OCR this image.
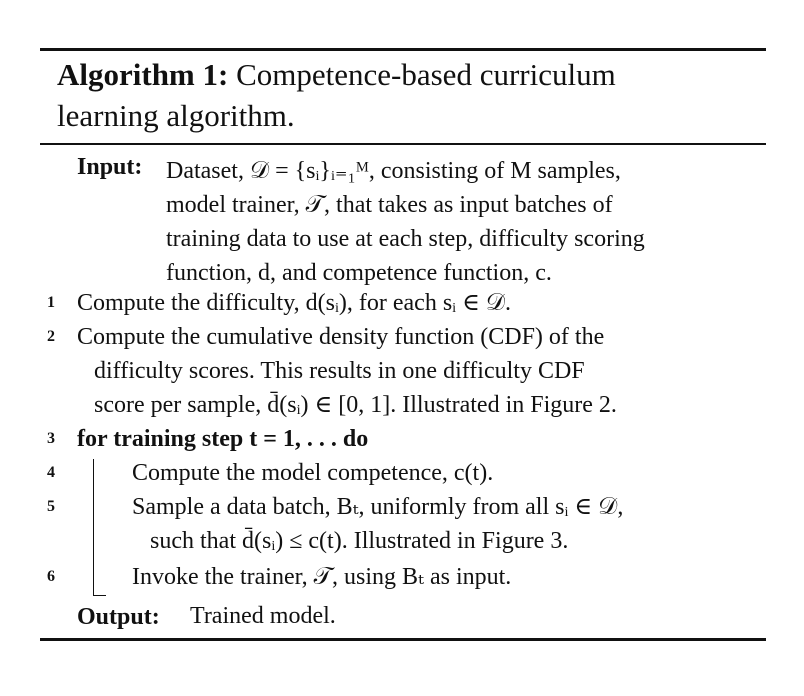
Algorithm 1: Competence-based curriculum
learning algorithm.
Input: Dataset, 𝒟 = {sᵢ}ᵢ₌₁ᴹ, consisting of M samples,
model trainer, 𝒯, that takes as input batches of
training data to use at each step, difficulty scoring
function, d, and competence function, c.
1 Compute the difficulty, d(sᵢ), for each sᵢ ∈ 𝒟.
2 Compute the cumulative density function (CDF) of the
difficulty scores. This results in one difficulty CDF
score per sample, d̄(sᵢ) ∈ [0, 1]. Illustrated in Figure 2.
3 for training step t = 1, . . . do
4	Compute the model competence, c(t).
5	Sample a data batch, Bₜ, uniformly from all sᵢ ∈ 𝒟,
such that d̄(sᵢ) ≤ c(t). Illustrated in Figure 3.
6	Invoke the trainer, 𝒯, using Bₜ as input.
Output: Trained model.
